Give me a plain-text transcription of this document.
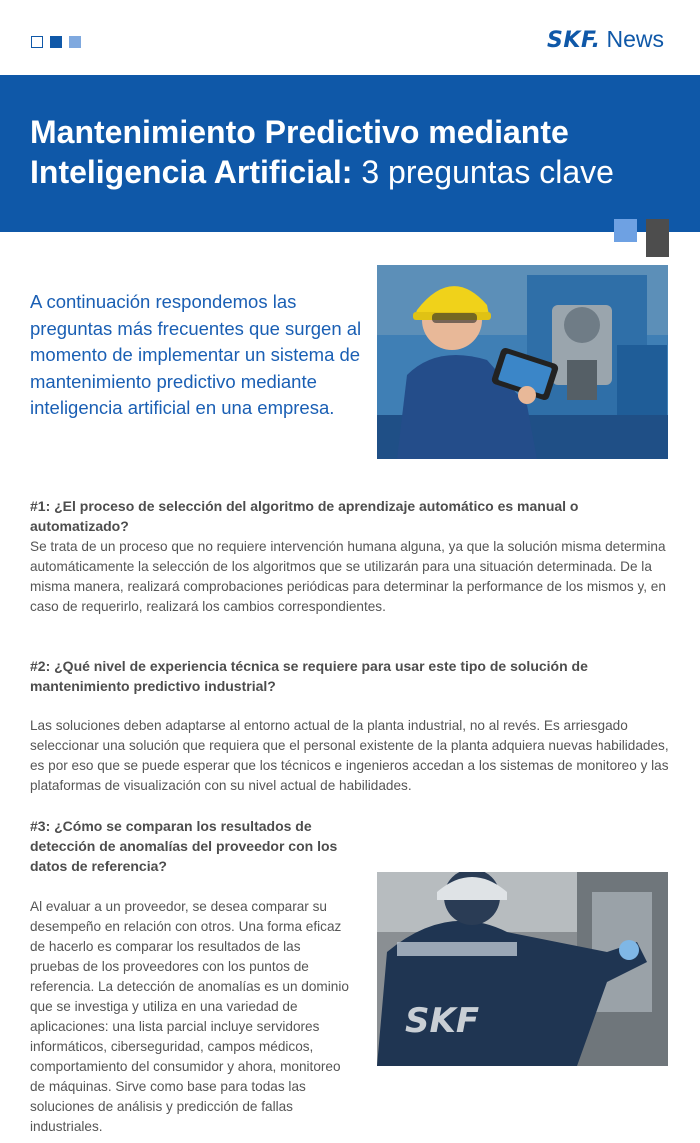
SKF. News
Mantenimiento Predictivo mediante Inteligencia Artificial: 3 preguntas clave
A continuación respondemos las preguntas más frecuentes que surgen al momento de implementar un sistema de mantenimiento predictivo mediante inteligencia artificial en una empresa.
#1: ¿El proceso de selección del algoritmo de aprendizaje automático es manual o automatizado?
Se trata de un proceso que no requiere intervención humana alguna, ya que la solución misma determina automáticamente la selección de los algoritmos que se utilizarán para una situación determinada. De la misma manera, realizará comprobaciones periódicas para determinar la performance de los mismos y, en caso de requerirlo, realizará los cambios correspondientes.
#2: ¿Qué nivel de experiencia técnica se requiere para usar este tipo de solución de mantenimiento predictivo industrial?
Las soluciones deben adaptarse al entorno actual de la planta industrial, no al revés. Es arriesgado seleccionar una solución que requiera que el personal existente de la planta adquiera nuevas habilidades, es por eso que se puede esperar que los técnicos e ingenieros accedan a los sistemas de monitoreo y las plataformas de visualización con su nivel actual de habilidades.
#3: ¿Cómo se comparan los resultados de detección de anomalías del proveedor con los datos de referencia?
Al evaluar a un proveedor, se desea comparar su desempeño en relación con otros. Una forma eficaz de hacerlo es comparar los resultados de las pruebas de los proveedores con los puntos de referencia. La detección de anomalías es un dominio que se investiga y utiliza en una variedad de aplicaciones: una lista parcial incluye servidores informáticos, ciberseguridad, campos médicos, comportamiento del consumidor y ahora, monitoreo de máquinas. Sirve como base para todas las soluciones de análisis y predicción de fallas industriales.
SKF
